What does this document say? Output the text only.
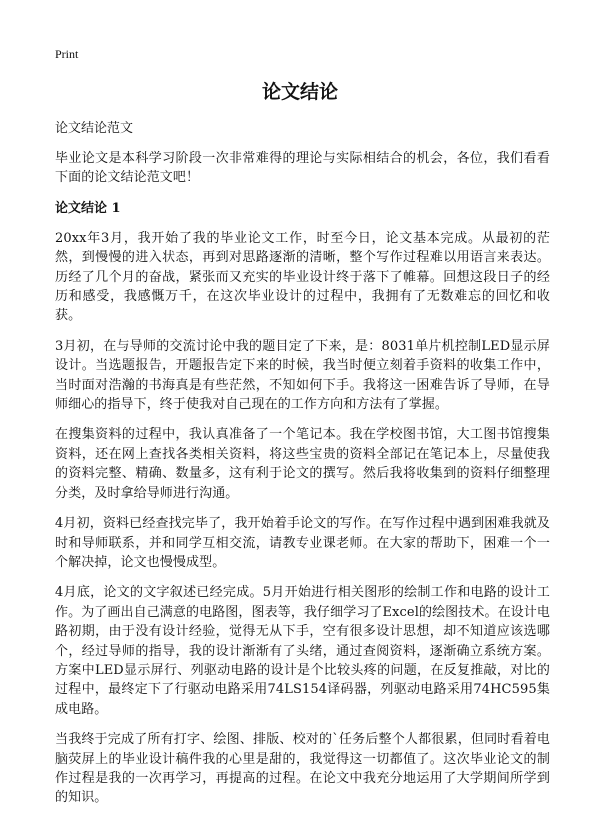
Print
论文结论
论文结论范文

毕业论文是本科学习阶段一次非常难得的理论与实际相结合的机会，各位，我们看看下面的论文结论范文吧！

论文结论 1

20xx年3月，我开始了我的毕业论文工作，时至今日，论文基本完成。从最初的茫然，到慢慢的进入状态，再到对思路逐渐的清晰，整个写作过程难以用语言来表达。历经了几个月的奋战，紧张而又充实的毕业设计终于落下了帷幕。回想这段日子的经历和感受，我感慨万千，在这次毕业设计的过程中，我拥有了无数难忘的回忆和收获。

3月初，在与导师的交流讨论中我的题目定了下来，是：8031单片机控制LED显示屏设计。当选题报告，开题报告定下来的时候，我当时便立刻着手资料的收集工作中，当时面对浩瀚的书海真是有些茫然，不知如何下手。我将这一困难告诉了导师，在导师细心的指导下，终于使我对自己现在的工作方向和方法有了掌握。

在搜集资料的过程中，我认真准备了一个笔记本。我在学校图书馆，大工图书馆搜集资料，还在网上查找各类相关资料，将这些宝贵的资料全部记在笔记本上，尽量使我的资料完整、精确、数量多，这有利于论文的撰写。然后我将收集到的资料仔细整理分类，及时拿给导师进行沟通。

4月初，资料已经查找完毕了，我开始着手论文的写作。在写作过程中遇到困难我就及时和导师联系，并和同学互相交流，请教专业课老师。在大家的帮助下，困难一个一个解决掉，论文也慢慢成型。

4月底，论文的文字叙述已经完成。5月开始进行相关图形的绘制工作和电路的设计工作。为了画出自己满意的电路图，图表等，我仔细学习了Excel的绘图技术。在设计电路初期，由于没有设计经验，觉得无从下手，空有很多设计思想，却不知道应该选哪个，经过导师的指导，我的设计渐渐有了头绪，通过查阅资料，逐渐确立系统方案。方案中LED显示屏行、列驱动电路的设计是个比较头疼的问题，在反复推敲，对比的过程中，最终定下了行驱动电路采用74LS154译码器，列驱动电路采用74HC595集成电路。

当我终于完成了所有打字、绘图、排版、校对的`任务后整个人都很累，但同时看着电脑荧屏上的毕业设计稿件我的心里是甜的，我觉得这一切都值了。这次毕业论文的制作过程是我的一次再学习，再提高的过程。在论文中我充分地运用了大学期间所学到的知识。
